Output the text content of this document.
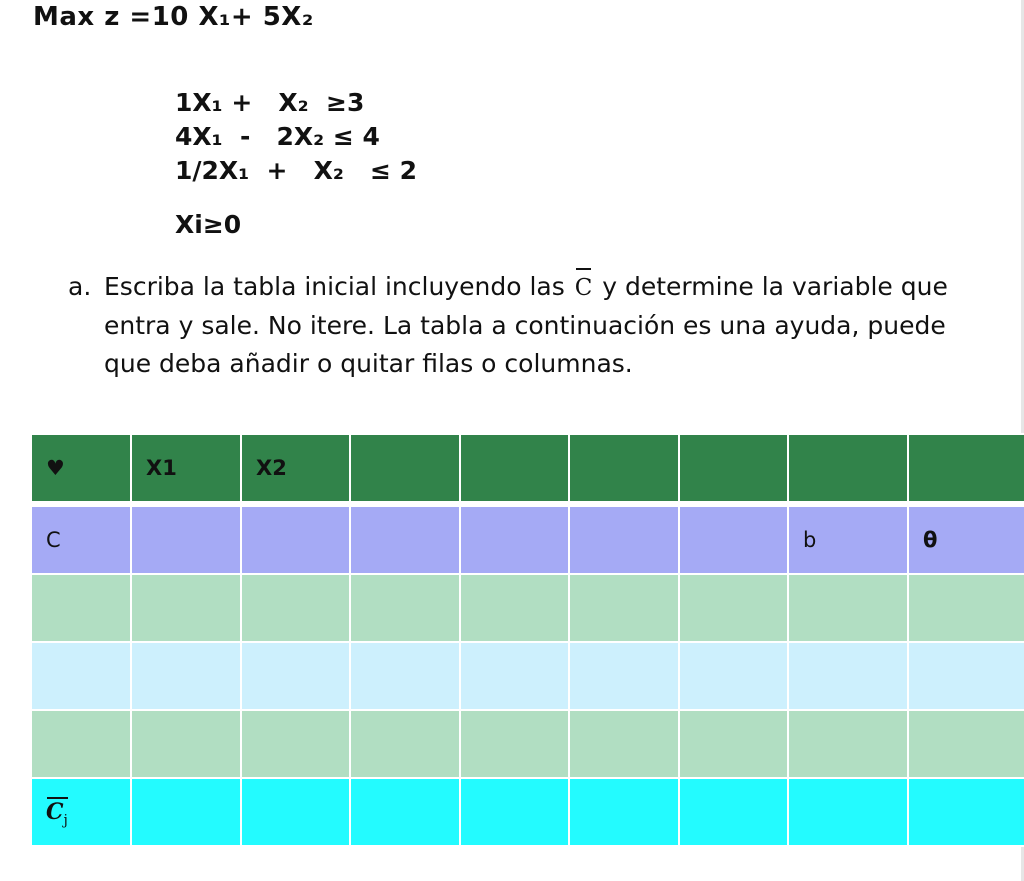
Max z =10 X₁+ 5X₂
1X₁ +   X₂  ≥3
4X₁  -   2X₂ ≤ 4
1/2X₁  +   X₂   ≤ 2
Xi≥0
a. Escriba la tabla inicial incluyendo las C y determine la variable que entra y sale. No itere. La tabla a continuación es una ayuda, puede que deba añadir o quitar filas o columnas.
♥	X1	X2						
C							b	θ

$C_j$								
